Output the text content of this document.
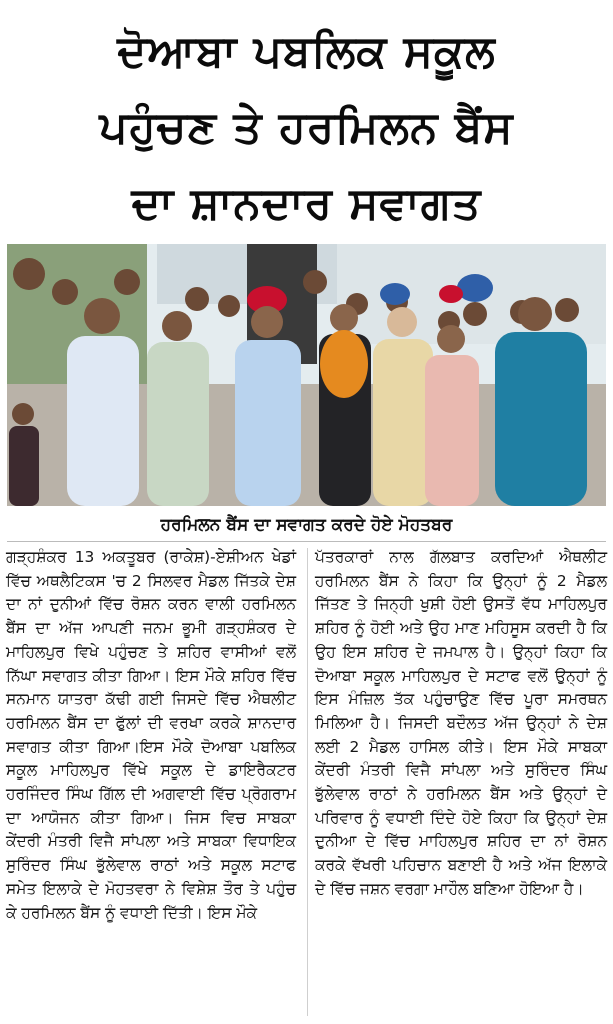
ਦੋਆਬਾ ਪਬਲਿਕ ਸਕੂਲ
ਪਹੁੰਚਣ ਤੇ ਹਰਮਿਲਨ ਬੈਂਸ
ਦਾ ਸ਼ਾਨਦਾਰ ਸਵਾਗਤ
ਹਰਮਿਲਨ ਬੈਂਸ ਦਾ ਸਵਾਗਤ ਕਰਦੇ ਹੋਏ ਮੋਹਤਬਰ
ਗੜ੍ਹਸ਼ੰਕਰ 13 ਅਕਤੂਬਰ (ਰਾਕੇਸ਼)-ਏਸ਼ੀਅਨ ਖੇਡਾਂ ਵਿੱਚ ਅਥਲੈਟਿਕਸ 'ਚ 2 ਸਿਲਵਰ ਮੈਡਲ ਜਿੱਤਕੇ ਦੇਸ਼ ਦਾ ਨਾਂ ਦੁਨੀਆਂ ਵਿੱਚ ਰੋਸ਼ਨ ਕਰਨ ਵਾਲੀ ਹਰਮਿਲਨ ਬੈਂਸ ਦਾ ਅੱਜ ਆਪਣੀ ਜਨਮ ਭੂਮੀ ਗੜ੍ਹਸ਼ੰਕਰ ਦੇ ਮਾਹਿਲਪੁਰ ਵਿਖੇ ਪਹੁੰਚਣ ਤੇ ਸ਼ਹਿਰ ਵਾਸੀਆਂ ਵਲੋਂ ਨਿੱਘਾ ਸਵਾਗਤ ਕੀਤਾ ਗਿਆ। ਇਸ ਮੌਕੇ ਸ਼ਹਿਰ ਵਿੱਚ ਸਨਮਾਨ ਯਾਤਰਾ ਕੱਢੀ ਗਈ ਜਿਸਦੇ ਵਿੱਚ ਐਥਲੀਟ ਹਰਮਿਲਨ ਬੈਂਸ ਦਾ ਫੁੱਲਾਂ ਦੀ ਵਰਖਾ ਕਰਕੇ ਸ਼ਾਨਦਾਰ ਸਵਾਗਤ ਕੀਤਾ ਗਿਆ।ਇਸ ਮੌਕੇ ਦੋਆਬਾ ਪਬਲਿਕ ਸਕੂਲ ਮਾਹਿਲਪੁਰ ਵਿੱਖੇ ਸਕੂਲ ਦੇ ਡਾਇਰੈਕਟਰ ਹਰਜਿੰਦਰ ਸਿੰਘ ਗਿੱਲ ਦੀ ਅਗਵਾਈ ਵਿੱਚ ਪ੍ਰੋਗਰਾਮ ਦਾ ਆਯੋਜਨ ਕੀਤਾ ਗਿਆ। ਜਿਸ ਵਿਚ ਸਾਬਕਾ ਕੇਂਦਰੀ ਮੰਤਰੀ ਵਿਜੈ ਸਾਂਪਲਾ ਅਤੇ ਸਾਬਕਾ ਵਿਧਾਇਕ ਸੁਰਿੰਦਰ ਸਿੰਘ ਭੁੱਲੇਵਾਲ ਰਾਠਾਂ ਅਤੇ ਸਕੂਲ ਸਟਾਫ ਸਮੇਤ ਇਲਾਕੇ ਦੇ ਮੋਹਤਵਰਾ ਨੇ ਵਿਸ਼ੇਸ਼ ਤੌਰ ਤੇ ਪਹੁੰਚ ਕੇ ਹਰਮਿਲਨ ਬੈਂਸ ਨੂੰ ਵਧਾਈ ਦਿੱਤੀ। ਇਸ ਮੌਕੇ
ਪੱਤਰਕਾਰਾਂ ਨਾਲ ਗੱਲਬਾਤ ਕਰਦਿਆਂ ਐਥਲੀਟ ਹਰਮਿਲਨ ਬੈਂਸ ਨੇ ਕਿਹਾ ਕਿ ਉਨ੍ਹਾਂ ਨੂੰ 2 ਮੈਡਲ ਜਿੱਤਣ ਤੇ ਜਿਨ੍ਹੀ ਖੁਸ਼ੀ ਹੋਈ ਉਸਤੋਂ ਵੱਧ ਮਾਹਿਲਪੁਰ ਸ਼ਹਿਰ ਨੂੰ ਹੋਈ ਅਤੇ ਉਹ ਮਾਣ ਮਹਿਸੂਸ ਕਰਦੀ ਹੈ ਕਿ ਉਹ ਇਸ ਸ਼ਹਿਰ ਦੇ ਜਮਪਾਲ ਹੈ। ਉਨ੍ਹਾਂ ਕਿਹਾ ਕਿ ਦੋਆਬਾ ਸਕੂਲ ਮਾਹਿਲਪੁਰ ਦੇ ਸਟਾਫ ਵਲੋਂ ਉਨ੍ਹਾਂ ਨੂੰ ਇਸ ਮੰਜ਼ਿਲ ਤੱਕ ਪਹੁੰਚਾਉਣ ਵਿੱਚ ਪੂਰਾ ਸਮਰਥਨ ਮਿਲਿਆ ਹੈ। ਜਿਸਦੀ ਬਦੌਲਤ ਅੱਜ ਉਨ੍ਹਾਂ ਨੇ ਦੇਸ਼ ਲਈ 2 ਮੈਡਲ ਹਾਸਿਲ ਕੀਤੇ। ਇਸ ਮੌਕੇ ਸਾਬਕਾ ਕੇਂਦਰੀ ਮੰਤਰੀ ਵਿਜੈ ਸਾਂਪਲਾ ਅਤੇ ਸੁਰਿੰਦਰ ਸਿੰਘ ਭੁੱਲੇਵਾਲ ਰਾਠਾਂ ਨੇ ਹਰਮਿਲਨ ਬੈਂਸ ਅਤੇ ਉਨ੍ਹਾਂ ਦੇ ਪਰਿਵਾਰ ਨੂੰ ਵਧਾਈ ਦਿੰਦੇ ਹੋਏ ਕਿਹਾ ਕਿ ਉਨ੍ਹਾਂ ਦੇਸ਼ ਦੁਨੀਆ ਦੇ ਵਿੱਚ ਮਾਹਿਲਪੁਰ ਸ਼ਹਿਰ ਦਾ ਨਾਂ ਰੋਸ਼ਨ ਕਰਕੇ ਵੱਖਰੀ ਪਹਿਚਾਨ ਬਣਾਈ ਹੈ ਅਤੇ ਅੱਜ ਇਲਾਕੇ ਦੇ ਵਿੱਚ ਜਸ਼ਨ ਵਰਗਾ ਮਾਹੌਲ ਬਣਿਆ ਹੋਇਆ ਹੈ।
